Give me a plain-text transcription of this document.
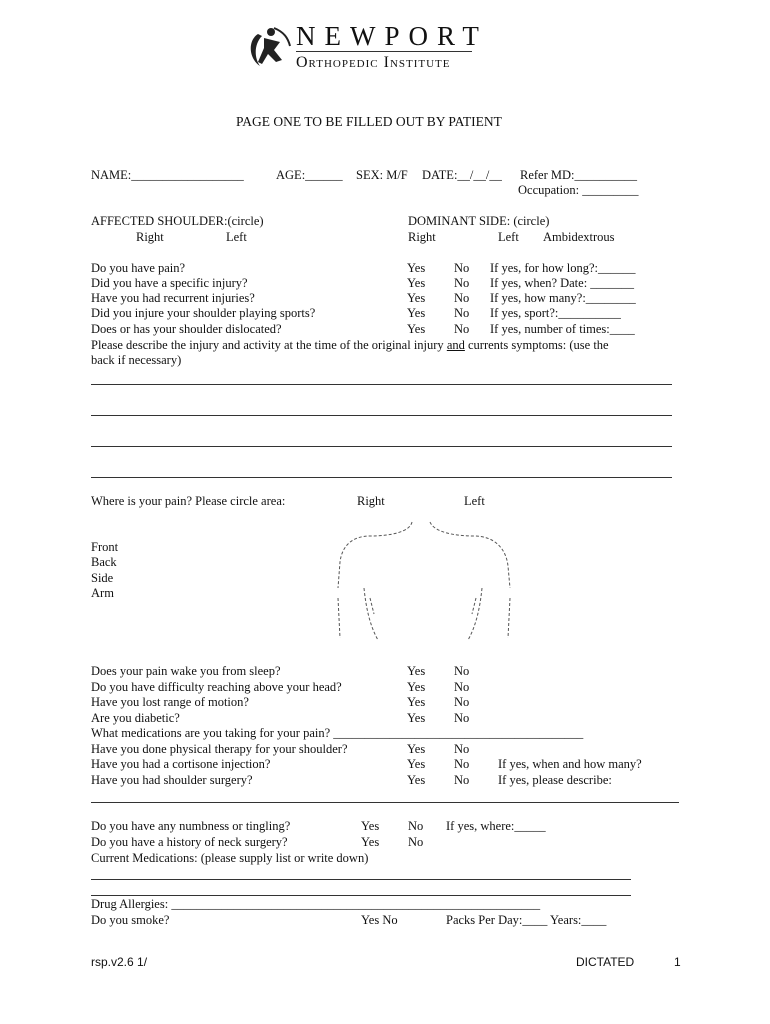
NEWPORT
Orthopedic Institute
PAGE ONE TO BE FILLED OUT BY PATIENT
NAME:__________________	AGE:______ SEX: M/F DATE:__/__/__ Refer MD:__________
Occupation: _________
AFFECTED SHOULDER:(circle)
Right	Left
DOMINANT SIDE: (circle)
Right	Left Ambidextrous
Do you have pain?	Yes No If yes, for how long?:______
Did you have a specific injury?	Yes No If yes, when? Date: _______
Have you had recurrent injuries?	Yes No If yes, how many?:________
Did you injure your shoulder playing sports?	Yes No If yes, sport?:__________
Does or has your shoulder dislocated?	Yes No If yes, number of times:____
Please describe the injury and activity at the time of the original injury and currents symptoms: (use the
back if necessary)
Where is your pain? Please circle area:	Right	Left
Front
Back
Side
Arm
Does your pain wake you from sleep?	Yes No
Do you have difficulty reaching above your head?	Yes No
Have you lost range of motion?	Yes No
Are you diabetic?	Yes No
What medications are you taking for your pain? ________________________________________
Have you done physical therapy for your shoulder?	Yes No
Have you had a cortisone injection?	Yes No If yes, when and how many?
Have you had shoulder surgery?	Yes No If yes, please describe:
Do you have any numbness or tingling?	Yes No If yes, where:_____
Do you have a history of neck surgery?	Yes No
Current Medications: (please supply list or write down)
Drug Allergies: ___________________________________________________________
Do you smoke?	Yes No	Packs Per Day:____ Years:____
rsp.v2.6 1/	DICTATED	1
